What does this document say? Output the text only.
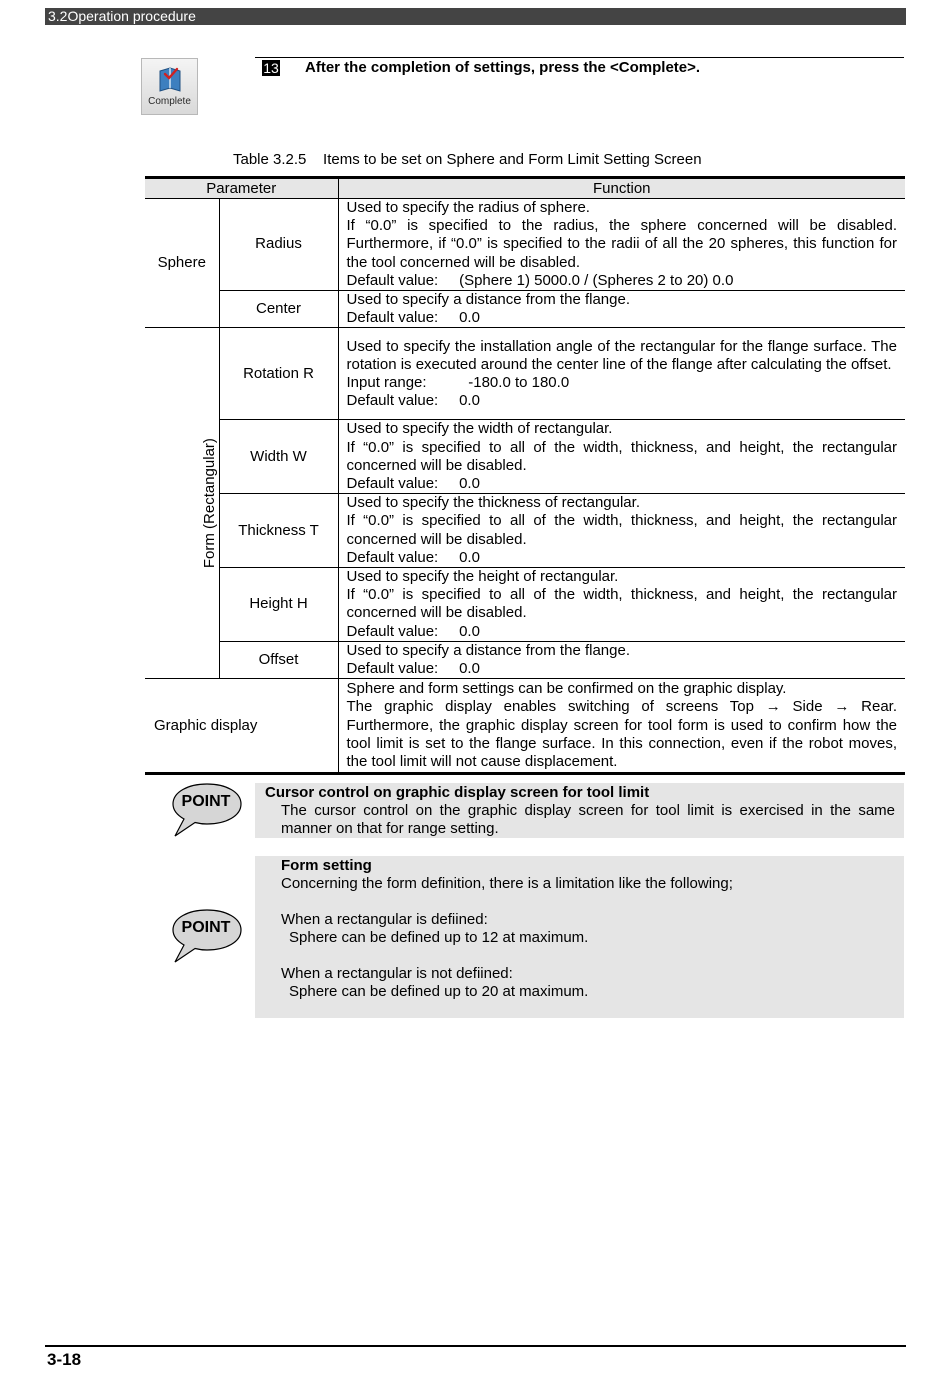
3.2Operation procedure
Complete
13 After the completion of settings, press the <Complete>.
Table 3.2.5    Items to be set on Sphere and Form Limit Setting Screen
Parameter		Function
Sphere	Radius	Used to specify the radius of sphere.
If “0.0” is specified to the radius, the sphere concerned will be disabled. Furthermore, if “0.0” is specified to the radii of all the 20 spheres, this function for the tool concerned will be disabled.
Default value: (Sphere 1) 5000.0 / (Spheres 2 to 20) 0.0

	Center	Used to specify a distance from the flange.
Default value: 0.0

Form (Rectangular)	Rotation R	Used to specify the installation angle of the rectangular for the flange surface. The rotation is executed around the center line of the flange after calculating the offset.
Input range: -180.0 to 180.0
Default value: 0.0

	Width W	Used to specify the width of rectangular.
If “0.0” is specified to all of the width, thickness, and height, the rectangular concerned will be disabled.
Default value: 0.0

	Thickness T	Used to specify the thickness of rectangular.
If “0.0” is specified to all of the width, thickness, and height, the rectangular concerned will be disabled.
Default value: 0.0

	Height H	Used to specify the height of rectangular.
If “0.0” is specified to all of the width, thickness, and height, the rectangular concerned will be disabled.
Default value: 0.0

	Offset	Used to specify a distance from the flange.
Default value: 0.0

Graphic display		Sphere and form settings can be confirmed on the graphic display.
The graphic display enables switching of screens Top → Side → Rear. Furthermore, the graphic display screen for tool form is used to confirm how the tool limit is set to the flange surface. In this connection, even if the robot moves, the tool limit will not cause displacement.
POINT
Cursor control on graphic display screen for tool limit
The cursor control on the graphic display screen for tool limit is exercised in the same manner on that for range setting.
POINT
Form setting
Concerning the form definition, there is a limitation like the following;
When a rectangular is defiined:
Sphere can be defined up to 12 at maximum.
When a rectangular is not defiined:
Sphere can be defined up to 20 at maximum.
3-18
